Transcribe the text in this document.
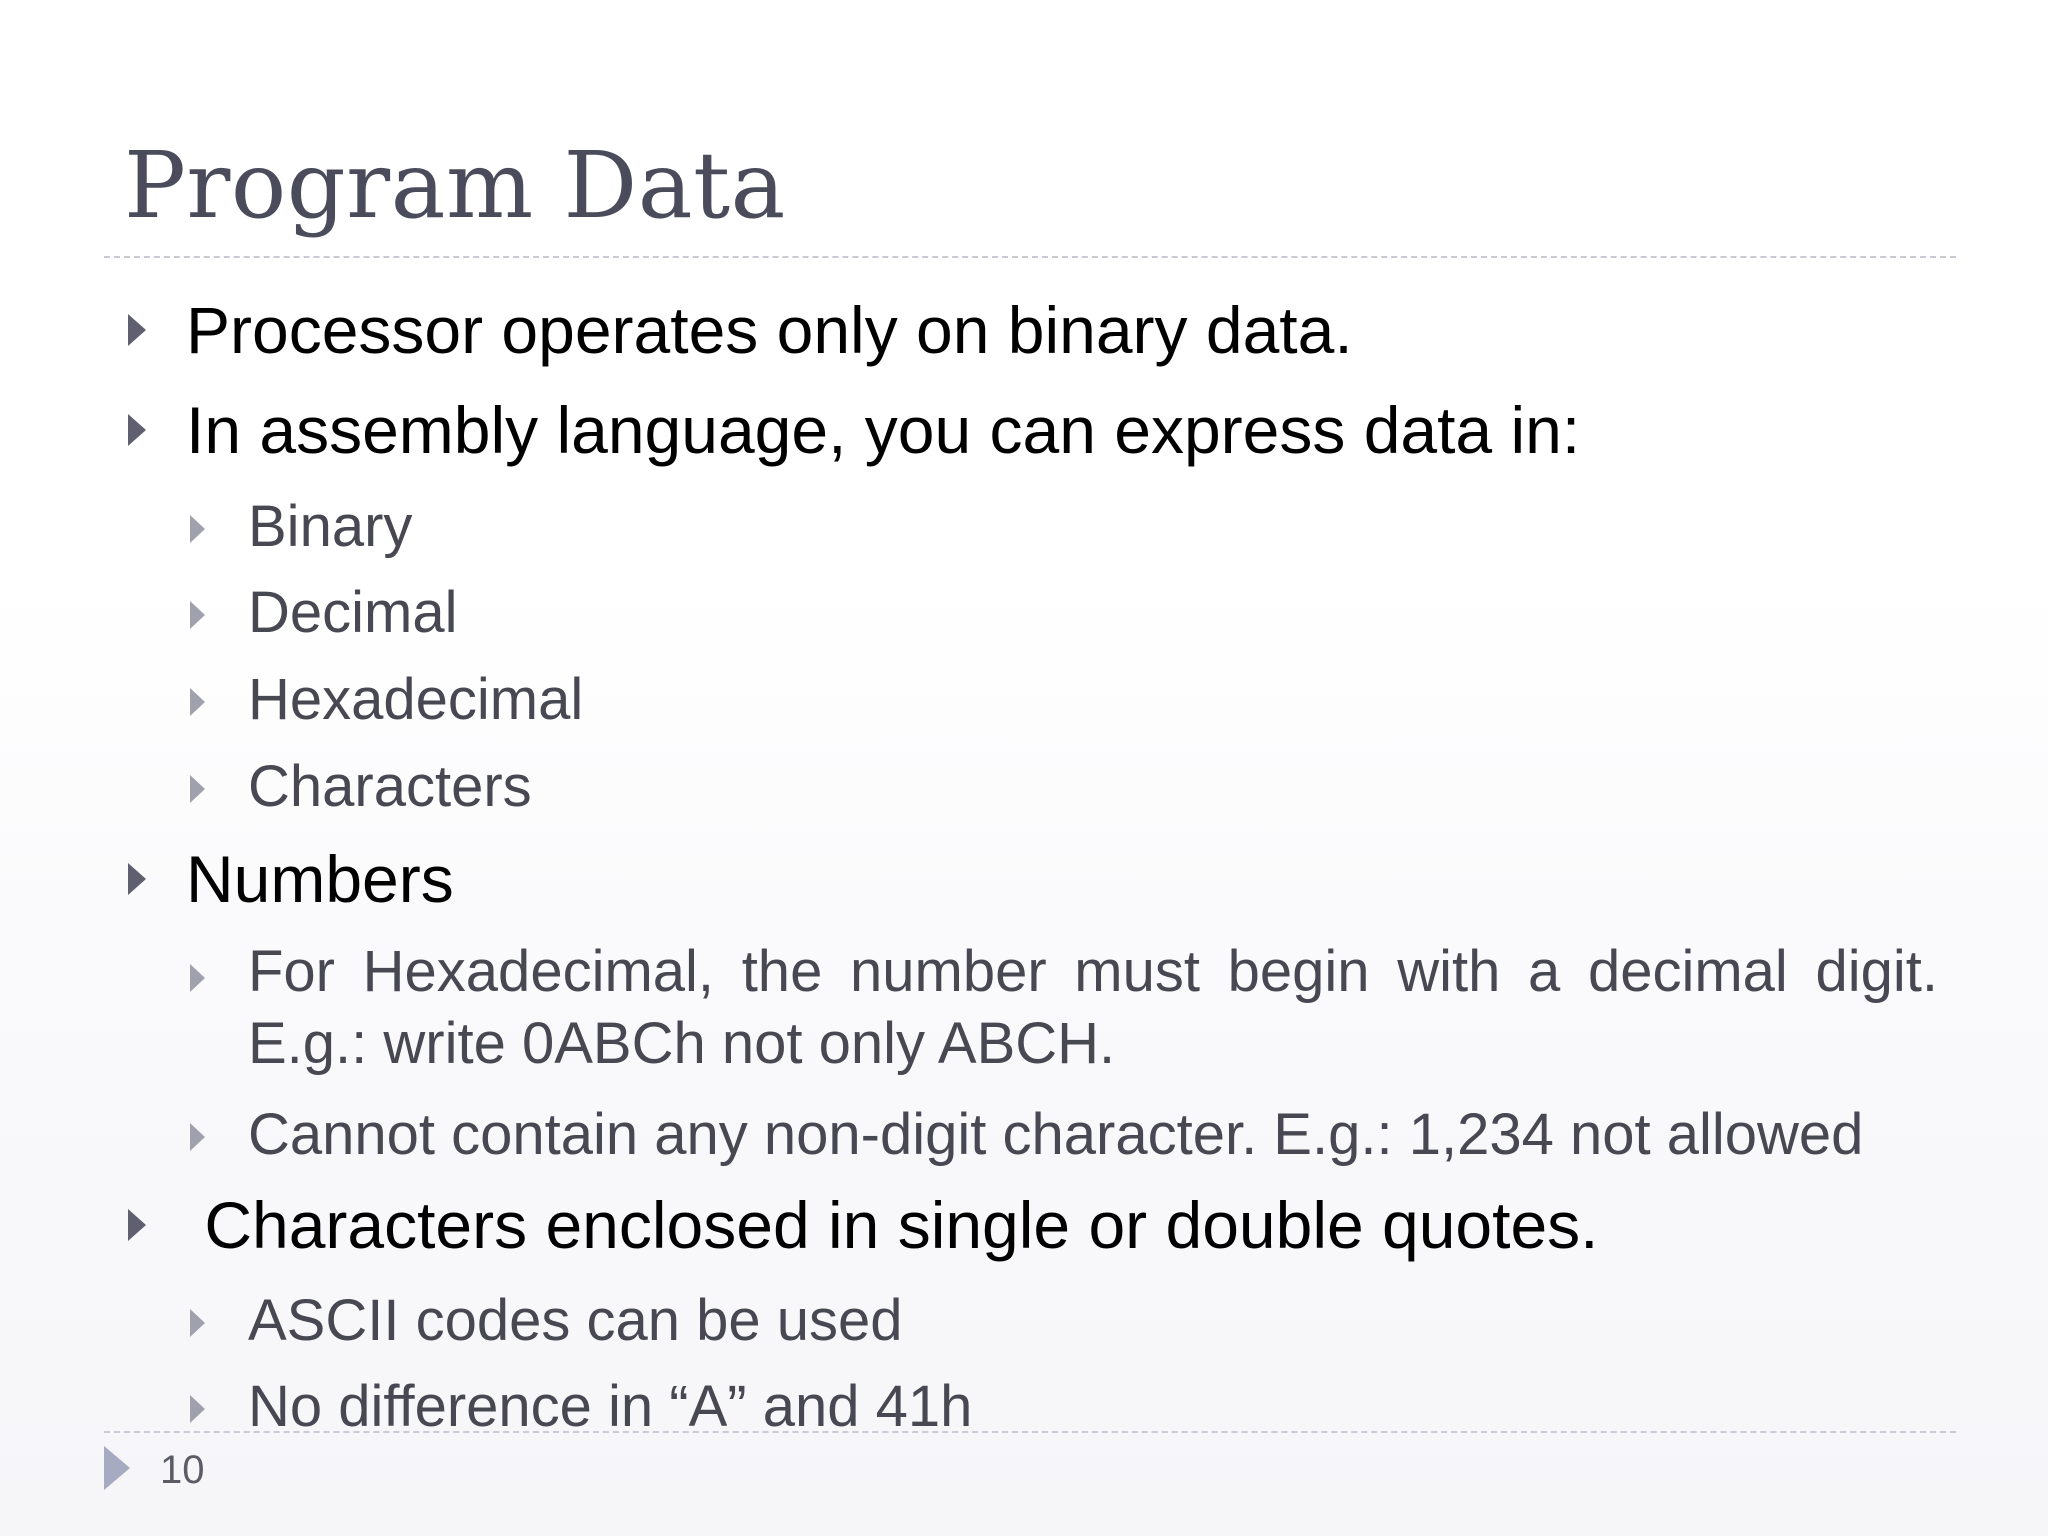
Program Data
Processor operates only on binary data.
In assembly language, you can express data in:
Binary
Decimal
Hexadecimal
Characters
Numbers
For Hexadecimal, the number must begin with a decimal digit. E.g.: write 0ABCh not only ABCH.
Cannot contain any non-digit character. E.g.: 1,234 not allowed
Characters enclosed in single or double quotes.
ASCII codes can be used
No difference in “A” and 41h
10
